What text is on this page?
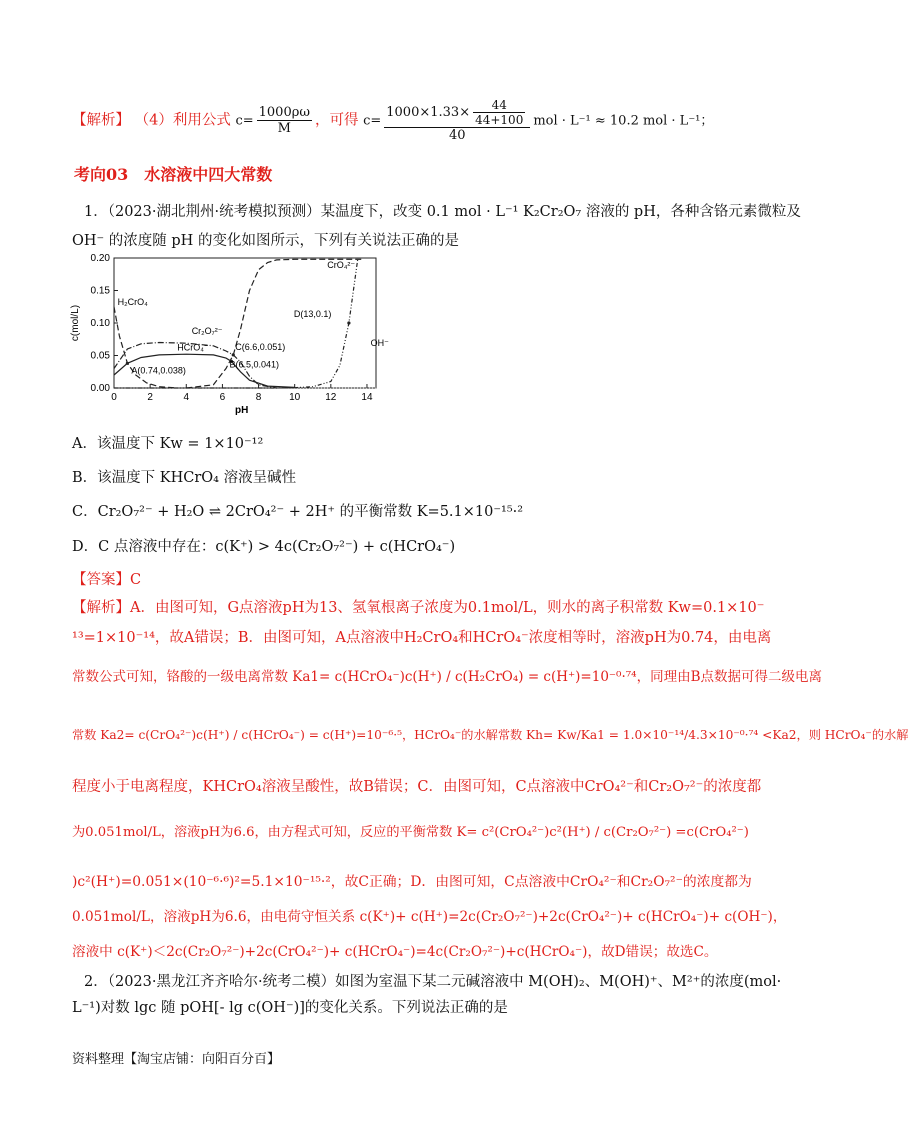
【解析】 （4）利用公式 $c= \frac{1000\rho\omega}{M}$ ，可得 $c= \frac{1000\times 1.33\times \frac{44}{44+100}}{40}$ mol · L⁻¹ ≈ 10.2 mol · L⁻¹；
考向03　水溶液中四大常数
1．（2023·湖北荆州·统考模拟预测）某温度下，改变 0.1 mol · L⁻¹ K₂Cr₂O₇ 溶液的 pH，各种含铬元素微粒及
OH⁻ 的浓度随 pH 的变化如图所示，下列有关说法正确的是
0	2	4	6	8	10	12	14
0.00
0.05
0.10
0.15
0.20
pH
c(mol/L)
H₂CrO₄
Cr₂O₇²⁻
HCrO₄⁻
CrO₄²⁻
OH⁻
A(0.74,0.038)
B(6.5,0.041)
C(6.6,0.051)
D(13,0.1)
A．该温度下 Kw = 1×10⁻¹²
B．该温度下 KHCrO₄ 溶液呈碱性
C．Cr₂O₇²⁻ + H₂O ⇌ 2CrO₄²⁻ + 2H⁺ 的平衡常数 K=5.1×10⁻¹⁵·²
D．C 点溶液中存在：c(K⁺) > 4c(Cr₂O₇²⁻) + c(HCrO₄⁻)
【答案】C
【解析】A．由图可知，G点溶液pH为13、氢氧根离子浓度为0.1mol/L，则水的离子积常数 Kw=0.1×10⁻
¹³=1×10⁻¹⁴，故A错误；B．由图可知，A点溶液中H₂CrO₄和HCrO₄⁻浓度相等时，溶液pH为0.74，由电离
常数公式可知，铬酸的一级电离常数 Ka1= c(HCrO₄⁻)c(H⁺) / c(H₂CrO₄) = c(H⁺)=10⁻⁰·⁷⁴，同理由B点数据可得二级电离
常数 Ka2= c(CrO₄²⁻)c(H⁺) / c(HCrO₄⁻) = c(H⁺)=10⁻⁶·⁵，HCrO₄⁻的水解常数 Kh= Kw/Ka1 = 1.0×10⁻¹⁴/4.3×10⁻⁰·⁷⁴ <Ka2，则 HCrO₄⁻的水解
程度小于电离程度，KHCrO₄溶液呈酸性，故B错误；C．由图可知，C点溶液中CrO₄²⁻和Cr₂O₇²⁻的浓度都
为0.051mol/L，溶液pH为6.6，由方程式可知，反应的平衡常数 K= c²(CrO₄²⁻)c²(H⁺) / c(Cr₂O₇²⁻) =c(CrO₄²⁻)
)c²(H⁺)=0.051×(10⁻⁶·⁶)²=5.1×10⁻¹⁵·²，故C正确；D．由图可知，C点溶液中CrO₄²⁻和Cr₂O₇²⁻的浓度都为
0.051mol/L，溶液pH为6.6，由电荷守恒关系 c(K⁺)+ c(H⁺)=2c(Cr₂O₇²⁻)+2c(CrO₄²⁻)+ c(HCrO₄⁻)+ c(OH⁻)，
溶液中 c(K⁺)＜2c(Cr₂O₇²⁻)+2c(CrO₄²⁻)+ c(HCrO₄⁻)=4c(Cr₂O₇²⁻)+c(HCrO₄⁻)，故D错误；故选C。
2．（2023·黑龙江齐齐哈尔·统考二模）如图为室温下某二元碱溶液中 M(OH)₂、M(OH)⁺、M²⁺的浓度(mol·
L⁻¹)对数 lgc 随 pOH[- lg c(OH⁻)]的变化关系。下列说法正确的是
资料整理【淘宝店铺：向阳百分百】
